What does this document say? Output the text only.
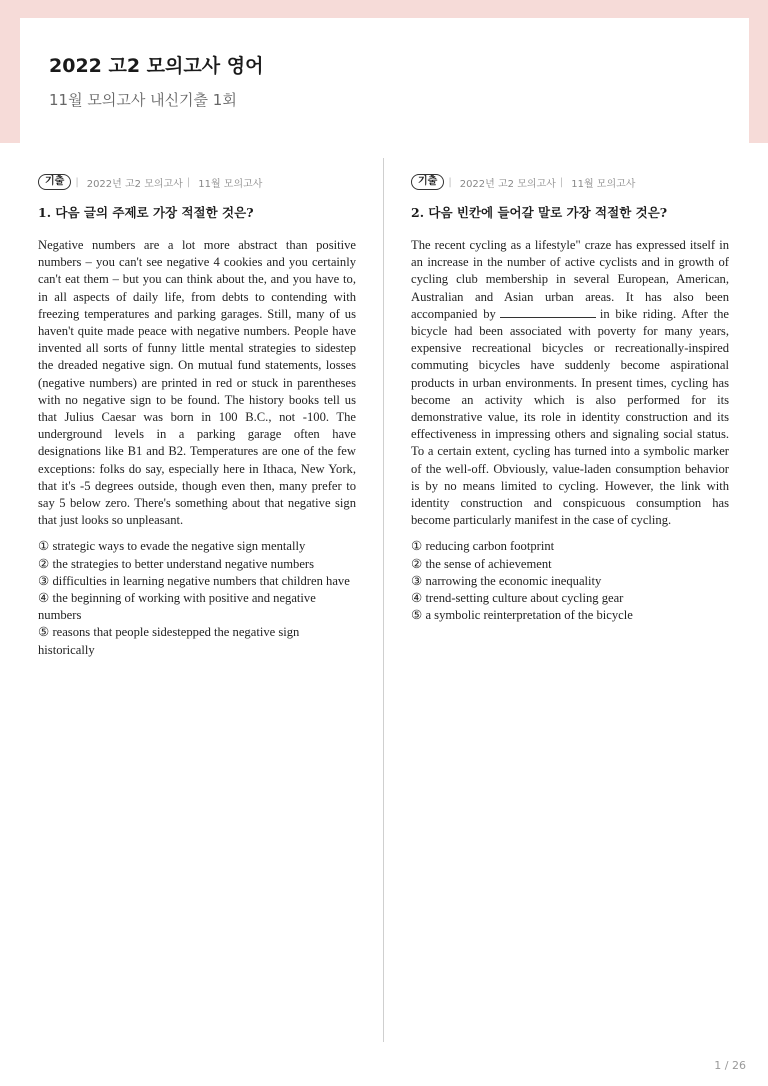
2022 고2 모의고사 영어

11월 모의고사 내신기출 1회

기출	| 2022년 고2 모의고사 | 11월 모의고사
1. 다음 글의 주제로 가장 적절한 것은?

Negative numbers are a lot more abstract than positive numbers – you can't see negative 4 cookies and you certainly can't eat them – but you can think about the, and you have to, in all aspects of daily life, from debts to contending with freezing temperatures and parking garages. Still, many of us haven't quite made peace with negative numbers. People have invented all sorts of funny little mental strategies to sidestep the dreaded negative sign. On mutual fund statements, losses (negative numbers) are printed in red or stuck in parentheses with no negative sign to be found. The history books tell us that Julius Caesar was born in 100 B.C., not -100. The underground levels in a parking garage often have designations like B1 and B2. Temperatures are one of the few exceptions: folks do say, especially here in Ithaca, New York, that it's -5 degrees outside, though even then, many prefer to say 5 below zero. There's something about that negative sign that just looks so unpleasant.

① strategic ways to evade the negative sign mentally
② the strategies to better understand negative numbers
③ difficulties in learning negative numbers that children have
④ the beginning of working with positive and negative numbers
⑤ reasons that people sidestepped the negative sign historically
기출	| 2022년 고2 모의고사 | 11월 모의고사
2. 다음 빈칸에 들어갈 말로 가장 적절한 것은?

The recent cycling as a lifestyle" craze has expressed itself in an increase in the number of active cyclists and in growth of cycling club membership in several European, American, Australian and Asian urban areas. It has also been accompanied by	in bike riding. After the bicycle had been associated with poverty for many years, expensive recreational bicycles or recreationally-inspired commuting bicycles have suddenly become aspirational products in urban environments. In present times, cycling has become an activity which is also performed for its demonstrative value, its role in identity construction and its effectiveness in impressing others and signaling social status. To a certain extent, cycling has turned into a symbolic marker of the well-off. Obviously, value-laden consumption behavior is by no means limited to cycling. However, the link with identity construction and conspicuous consumption has become particularly manifest in the case of cycling.

① reducing carbon footprint
② the sense of achievement
③ narrowing the economic inequality
④ trend-setting culture about cycling gear
⑤ a symbolic reinterpretation of the bicycle
1 / 26
